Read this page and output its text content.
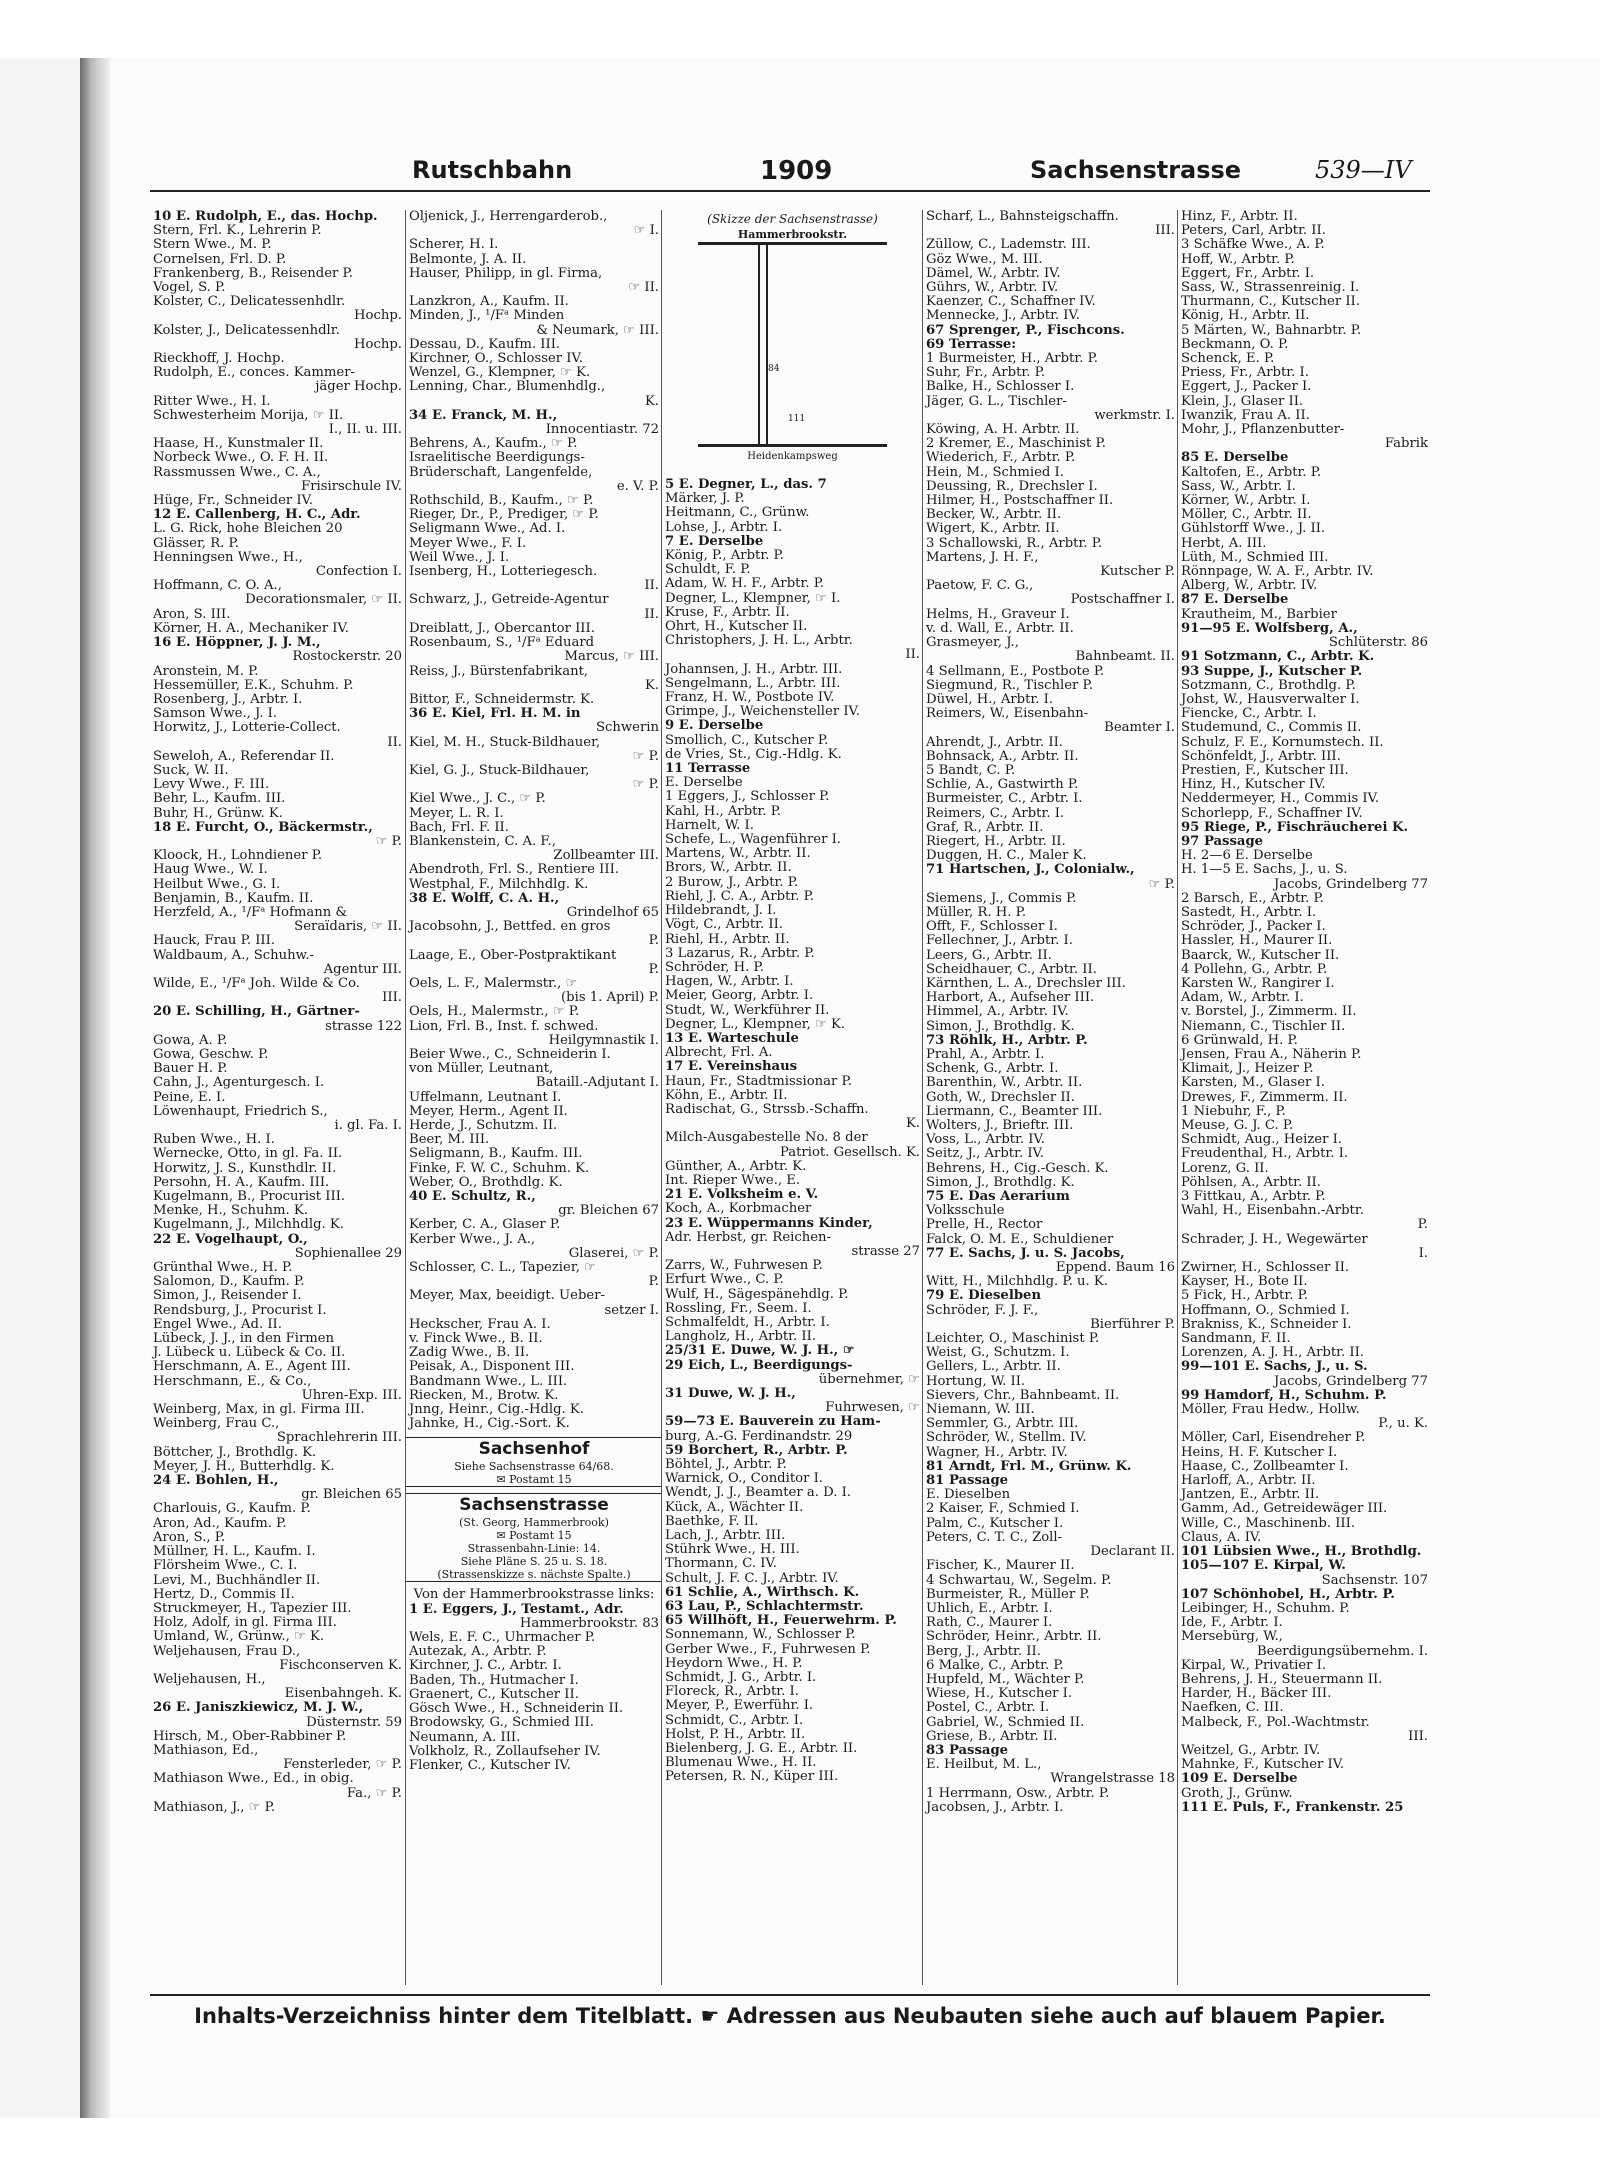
Rutschbahn	1909	Sachsenstrasse	539—IV
10 E. Rudolph, E., das. Hochp.
Stern, Frl. K., Lehrerin P.
Stern Wwe., M. P.
Cornelsen, Frl. D. P.
Frankenberg, B., Reisender P.
Vogel, S. P.
Kolster, C., Delicatessenhdlr.
Hochp.
Kolster, J., Delicatessenhdlr.
Hochp.
Rieckhoff, J. Hochp.
Rudolph, E., conces. Kammer-
jäger Hochp.
Ritter Wwe., H. I.
Schwesterheim Morija, ☞ II.
I., II. u. III.
Haase, H., Kunstmaler II.
Norbeck Wwe., O. F. H. II.
Rassmussen Wwe., C. A.,
Frisirschule IV.
Hüge, Fr., Schneider IV.
12 E. Callenberg, H. C., Adr.
L. G. Rick, hohe Bleichen 20
Glässer, R. P.
Henningsen Wwe., H.,
Confection I.
Hoffmann, C. O. A.,
Decorationsmaler, ☞ II.
Aron, S. III.
Körner, H. A., Mechaniker IV.
16 E. Höppner, J. J. M.,
Rostockerstr. 20
Aronstein, M. P.
Hessemüller, E.K., Schuhm. P.
Rosenberg, J., Arbtr. I.
Samson Wwe., J. I.
Horwitz, J., Lotterie-Collect.
II.
Seweloh, A., Referendar II.
Suck, W. II.
Levy Wwe., F. III.
Behr, L., Kaufm. III.
Buhr, H., Grünw. K.
18 E. Furcht, O., Bäckermstr.,
☞ P.
Kloock, H., Lohndiener P.
Haug Wwe., W. I.
Heilbut Wwe., G. I.
Benjamin, B., Kaufm. II.
Herzfeld, A., ¹/Fᵃ Hofmann &
Seraïdaris, ☞ II.
Hauck, Frau P. III.
Waldbaum, A., Schuhw.-
Agentur III.
Wilde, E., ¹/Fᵃ Joh. Wilde & Co.
III.
20 E. Schilling, H., Gärtner-
strasse 122
Gowa, A. P.
Gowa, Geschw. P.
Bauer H. P.
Cahn, J., Agenturgesch. I.
Peine, E. I.
Löwenhaupt, Friedrich S.,
i. gl. Fa. I.
Ruben Wwe., H. I.
Wernecke, Otto, in gl. Fa. II.
Horwitz, J. S., Kunsthdlr. II.
Persohn, H. A., Kaufm. III.
Kugelmann, B., Procurist III.
Menke, H., Schuhm. K.
Kugelmann, J., Milchhdlg. K.
22 E. Vogelhaupt, O.,
Sophienallee 29
Grünthal Wwe., H. P.
Salomon, D., Kaufm. P.
Simon, J., Reisender I.
Rendsburg, J., Procurist I.
Engel Wwe., Ad. II.
Lübeck, J. J., in den Firmen
J. Lübeck u. Lübeck & Co. II.
Herschmann, A. E., Agent III.
Herschmann, E., & Co.,
Uhren-Exp. III.
Weinberg, Max, in gl. Firma III.
Weinberg, Frau C.,
Sprachlehrerin III.
Böttcher, J., Brothdlg. K.
Meyer, J. H., Butterhdlg. K.
24 E. Bohlen, H.,
gr. Bleichen 65
Charlouis, G., Kaufm. P.
Aron, Ad., Kaufm. P.
Aron, S., P.
Müllner, H. L., Kaufm. I.
Flörsheim Wwe., C. I.
Levi, M., Buchhändler II.
Hertz, D., Commis II.
Struckmeyer, H., Tapezier III.
Holz, Adolf, in gl. Firma III.
Umland, W., Grünw., ☞ K.
Weljehausen, Frau D.,
Fischconserven K.
Weljehausen, H.,
Eisenbahngeh. K.
26 E. Janiszkiewicz, M. J. W.,
Düsternstr. 59
Hirsch, M., Ober-Rabbiner P.
Mathiason, Ed.,
Fensterleder, ☞ P.
Mathiason Wwe., Ed., in obig.
Fa., ☞ P.
Mathiason, J., ☞ P.
Oljenick, J., Herrengarderob.,
☞ I.
Scherer, H. I.
Belmonte, J. A. II.
Hauser, Philipp, in gl. Firma,
☞ II.
Lanzkron, A., Kaufm. II.
Minden, J., ¹/Fᵃ Minden
& Neumark, ☞ III.
Dessau, D., Kaufm. III.
Kirchner, O., Schlosser IV.
Wenzel, G., Klempner, ☞ K.
Lenning, Char., Blumenhdlg.,
K.
34 E. Franck, M. H.,
Innocentiastr. 72
Behrens, A., Kaufm., ☞ P.
Israelitische Beerdigungs-
Brüderschaft, Langenfelde,
e. V. P.
Rothschild, B., Kaufm., ☞ P.
Rieger, Dr., P., Prediger, ☞ P.
Seligmann Wwe., Ad. I.
Meyer Wwe., F. I.
Weil Wwe., J. I.
Isenberg, H., Lotteriegesch.
II.
Schwarz, J., Getreide-Agentur
II.
Dreiblatt, J., Obercantor III.
Rosenbaum, S., ¹/Fᵃ Eduard
Marcus, ☞ III.
Reiss, J., Bürstenfabrikant,
K.
Bittor, F., Schneidermstr. K.
36 E. Kiel, Frl. H. M. in
Schwerin
Kiel, M. H., Stuck-Bildhauer,
☞ P.
Kiel, G. J., Stuck-Bildhauer,
☞ P.
Kiel Wwe., J. C., ☞ P.
Meyer, L. R. I.
Bach, Frl. F. II.
Blankenstein, C. A. F.,
Zollbeamter III.
Abendroth, Frl. S., Rentiere III.
Westphal, F., Milchhdlg. K.
38 E. Wolff, C. A. H.,
Grindelhof 65
Jacobsohn, J., Bettfed. en gros
P.
Laage, E., Ober-Postpraktikant
P.
Oels, L. F., Malermstr., ☞
(bis 1. April) P.
Oels, H., Malermstr., ☞ P.
Lion, Frl. B., Inst. f. schwed.
Heilgymnastik I.
Beier Wwe., C., Schneiderin I.
von Müller, Leutnant,
Bataill.-Adjutant I.
Uffelmann, Leutnant I.
Meyer, Herm., Agent II.
Herde, J., Schutzm. II.
Beer, M. III.
Seligmann, B., Kaufm. III.
Finke, F. W. C., Schuhm. K.
Weber, O., Brothdlg. K.
40 E. Schultz, R.,
gr. Bleichen 67
Kerber, C. A., Glaser P.
Kerber Wwe., J. A.,
Glaserei, ☞ P.
Schlosser, C. L., Tapezier, ☞
P.
Meyer, Max, beeidigt. Ueber-
setzer I.
Heckscher, Frau A. I.
v. Finck Wwe., B. II.
Zadig Wwe., B. II.
Peisak, A., Disponent III.
Bandmann Wwe., L. III.
Riecken, M., Brotw. K.
Jnng, Heinr., Cig.-Hdlg. K.
Jahnke, H., Cig.-Sort. K.
Sachsenhof
Siehe Sachsenstrasse 64/68.
✉ Postamt 15
Sachsenstrasse
(St. Georg, Hammerbrook)
✉ Postamt 15
Strassenbahn-Linie: 14.
Siehe Pläne S. 25 u. S. 18.
(Strassenskizze s. nächste Spalte.)
Von der Hammerbrookstrasse links:
1 E. Eggers, J., Testamt., Adr.
Hammerbrookstr. 83
Wels, E. F. C., Uhrmacher P.
Autezak, A., Arbtr. P.
Kirchner, J. C., Arbtr. I.
Baden, Th., Hutmacher I.
Graenert, C., Kutscher II.
Gösch Wwe., H., Schneiderin II.
Brodowsky, G., Schmied III.
Neumann, A. III.
Volkholz, R., Zollaufseher IV.
Flenker, C., Kutscher IV.
(Skizze der Sachsenstrasse)
Hammerbrookstr.
84
111
Heidenkampsweg
5 E. Degner, L., das. 7
Märker, J. P.
Heitmann, C., Grünw.
Lohse, J., Arbtr. I.
7 E. Derselbe
König, P., Arbtr. P.
Schuldt, F. P.
Adam, W. H. F., Arbtr. P.
Degner, L., Klempner, ☞ I.
Kruse, F., Arbtr. II.
Ohrt, H., Kutscher II.
Christophers, J. H. L., Arbtr.
II.
Johannsen, J. H., Arbtr. III.
Sengelmann, L., Arbtr. III.
Franz, H. W., Postbote IV.
Grimpe, J., Weichensteller IV.
9 E. Derselbe
Smollich, C., Kutscher P.
de Vries, St., Cig.-Hdlg. K.
11 Terrasse
E. Derselbe
1 Eggers, J., Schlosser P.
Kahl, H., Arbtr. P.
Harnelt, W. I.
Schefe, L., Wagenführer I.
Martens, W., Arbtr. II.
Brors, W., Arbtr. II.
2 Burow, J., Arbtr. P.
Riehl, J. C. A., Arbtr. P.
Hildebrandt, J. I.
Vögt, C., Arbtr. II.
Riehl, H., Arbtr. II.
3 Lazarus, R., Arbtr. P.
Schröder, H. P.
Hagen, W., Arbtr. I.
Meier, Georg, Arbtr. I.
Studt, W., Werkführer II.
Degner, L., Klempner, ☞ K.
13 E. Warteschule
Albrecht, Frl. A.
17 E. Vereinshaus
Haun, Fr., Stadtmissionar P.
Köhn, E., Arbtr. II.
Radischat, G., Strssb.-Schaffn.
K.
Milch-Ausgabestelle No. 8 der
Patriot. Gesellsch. K.
Günther, A., Arbtr. K.
Int. Rieper Wwe., E.
21 E. Volksheim e. V.
Koch, A., Korbmacher
23 E. Wüppermanns Kinder,
Adr. Herbst, gr. Reichen-
strasse 27
Zarrs, W., Fuhrwesen P.
Erfurt Wwe., C. P.
Wulf, H., Sägespänehdlg. P.
Rossling, Fr., Seem. I.
Schmalfeldt, H., Arbtr. I.
Langholz, H., Arbtr. II.
25/31 E. Duwe, W. J. H., ☞
29 Eich, L., Beerdigungs-
übernehmer, ☞
31 Duwe, W. J. H.,
Fuhrwesen, ☞
59—73 E. Bauverein zu Ham-
burg, A.-G. Ferdinandstr. 29
59 Borchert, R., Arbtr. P.
Böhtel, J., Arbtr. P.
Warnick, O., Conditor I.
Wendt, J. J., Beamter a. D. I.
Kück, A., Wächter II.
Baethke, F. II.
Lach, J., Arbtr. III.
Stührk Wwe., H. III.
Thormann, C. IV.
Schult, J. F. C. J., Arbtr. IV.
61 Schlie, A., Wirthsch. K.
63 Lau, P., Schlachtermstr.
65 Willhöft, H., Feuerwehrm. P.
Sonnemann, W., Schlosser P.
Gerber Wwe., F., Fuhrwesen P.
Heydorn Wwe., H. P.
Schmidt, J. G., Arbtr. I.
Floreck, R., Arbtr. I.
Meyer, P., Ewerführ. I.
Schmidt, C., Arbtr. I.
Holst, P. H., Arbtr. II.
Bielenberg, J. G. E., Arbtr. II.
Blumenau Wwe., H. II.
Petersen, R. N., Küper III.
Scharf, L., Bahnsteigschaffn.
III.
Züllow, C., Lademstr. III.
Göz Wwe., M. III.
Dämel, W., Arbtr. IV.
Gührs, W., Arbtr. IV.
Kaenzer, C., Schaffner IV.
Mennecke, J., Arbtr. IV.
67 Sprenger, P., Fischcons.
69 Terrasse:
1 Burmeister, H., Arbtr. P.
Suhr, Fr., Arbtr. P.
Balke, H., Schlosser I.
Jäger, G. L., Tischler-
werkmstr. I.
Köwing, A. H. Arbtr. II.
2 Kremer, E., Maschinist P.
Wiederich, F., Arbtr. P.
Hein, M., Schmied I.
Deussing, R., Drechsler I.
Hilmer, H., Postschaffner II.
Becker, W., Arbtr. II.
Wigert, K., Arbtr. II.
3 Schallowski, R., Arbtr. P.
Martens, J. H. F.,
Kutscher P.
Paetow, F. C. G.,
Postschaffner I.
Helms, H., Graveur I.
v. d. Wall, E., Arbtr. II.
Grasmeyer, J.,
Bahnbeamt. II.
4 Sellmann, E., Postbote P.
Siegmund, R., Tischler P.
Düwel, H., Arbtr. I.
Reimers, W., Eisenbahn-
Beamter I.
Ahrendt, J., Arbtr. II.
Bohnsack, A., Arbtr. II.
5 Bandt, C. P.
Schlie, A., Gastwirth P.
Burmeister, C., Arbtr. I.
Reimers, C., Arbtr. I.
Graf, R., Arbtr. II.
Riegert, H., Arbtr. II.
Duggen, H. C., Maler K.
71 Hartschen, J., Colonialw.,
☞ P.
Siemens, J., Commis P.
Müller, R. H. P.
Offt, F., Schlosser I.
Fellechner, J., Arbtr. I.
Leers, G., Arbtr. II.
Scheidhauer, C., Arbtr. II.
Kärnthen, L. A., Drechsler III.
Harbort, A., Aufseher III.
Himmel, A., Arbtr. IV.
Simon, J., Brothdlg. K.
73 Röhlk, H., Arbtr. P.
Prahl, A., Arbtr. I.
Schenk, G., Arbtr. I.
Barenthin, W., Arbtr. II.
Goth, W., Drechsler II.
Liermann, C., Beamter III.
Wolters, J., Brieftr. III.
Voss, L., Arbtr. IV.
Seitz, J., Arbtr. IV.
Behrens, H., Cig.-Gesch. K.
Simon, J., Brothdlg. K.
75 E. Das Aerarium
Volksschule
Prelle, H., Rector
Falck, O. M. E., Schuldiener
77 E. Sachs, J. u. S. Jacobs,
Eppend. Baum 16
Witt, H., Milchhdlg. P. u. K.
79 E. Dieselben
Schröder, F. J. F.,
Bierführer P.
Leichter, O., Maschinist P.
Weist, G., Schutzm. I.
Gellers, L., Arbtr. II.
Hortung, W. II.
Sievers, Chr., Bahnbeamt. II.
Niemann, W. III.
Semmler, G., Arbtr. III.
Schröder, W., Stellm. IV.
Wagner, H., Arbtr. IV.
81 Arndt, Frl. M., Grünw. K.
81 Passage
E. Dieselben
2 Kaiser, F., Schmied I.
Palm, C., Kutscher I.
Peters, C. T. C., Zoll-
Declarant II.
Fischer, K., Maurer II.
4 Schwartau, W., Segelm. P.
Burmeister, R., Müller P.
Uhlich, E., Arbtr. I.
Rath, C., Maurer I.
Schröder, Heinr., Arbtr. II.
Berg, J., Arbtr. II.
6 Malke, C., Arbtr. P.
Hupfeld, M., Wächter P.
Wiese, H., Kutscher I.
Postel, C., Arbtr. I.
Gabriel, W., Schmied II.
Griese, B., Arbtr. II.
83 Passage
E. Heilbut, M. L.,
Wrangelstrasse 18
1 Herrmann, Osw., Arbtr. P.
Jacobsen, J., Arbtr. I.
Hinz, F., Arbtr. II.
Peters, Carl, Arbtr. II.
3 Schäfke Wwe., A. P.
Hoff, W., Arbtr. P.
Eggert, Fr., Arbtr. I.
Sass, W., Strassenreinig. I.
Thurmann, C., Kutscher II.
König, H., Arbtr. II.
5 Märten, W., Bahnarbtr. P.
Beckmann, O. P.
Schenck, E. P.
Priess, Fr., Arbtr. I.
Eggert, J., Packer I.
Klein, J., Glaser II.
Iwanzik, Frau A. II.
Mohr, J., Pflanzenbutter-
Fabrik
85 E. Derselbe
Kaltofen, E., Arbtr. P.
Sass, W., Arbtr. I.
Körner, W., Arbtr. I.
Möller, C., Arbtr. II.
Gühlstorff Wwe., J. II.
Herbt, A. III.
Lüth, M., Schmied III.
Rönnpage, W. A. F., Arbtr. IV.
Alberg, W., Arbtr. IV.
87 E. Derselbe
Krautheim, M., Barbier
91—95 E. Wolfsberg, A.,
Schlüterstr. 86
91 Sotzmann, C., Arbtr. K.
93 Suppe, J., Kutscher P.
Sotzmann, C., Brothdlg. P.
Johst, W., Hausverwalter I.
Fiencke, C., Arbtr. I.
Studemund, C., Commis II.
Schulz, F. E., Kornumstech. II.
Schönfeldt, J., Arbtr. III.
Prestien, F., Kutscher III.
Hinz, H., Kutscher IV.
Neddermeyer, H., Commis IV.
Schorlepp, F., Schaffner IV.
95 Riege, P., Fischräucherei K.
97 Passage
H. 2—6 E. Derselbe
H. 1—5 E. Sachs, J., u. S.
Jacobs, Grindelberg 77
2 Barsch, E., Arbtr. P.
Sastedt, H., Arbtr. I.
Schröder, J., Packer I.
Hassler, H., Maurer II.
Baarck, W., Kutscher II.
4 Pollehn, G., Arbtr. P.
Karsten W., Rangirer I.
Adam, W., Arbtr. I.
v. Borstel, J., Zimmerm. II.
Niemann, C., Tischler II.
6 Grünwald, H. P.
Jensen, Frau A., Näherin P.
Klimait, J., Heizer P.
Karsten, M., Glaser I.
Drewes, F., Zimmerm. II.
1 Niebuhr, F., P.
Meuse, G. J. C. P.
Schmidt, Aug., Heizer I.
Freudenthal, H., Arbtr. I.
Lorenz, G. II.
Pöhlsen, A., Arbtr. II.
3 Fittkau, A., Arbtr. P.
Wahl, H., Eisenbahn.-Arbtr.
P.
Schrader, J. H., Wegewärter
I.
Zwirner, H., Schlosser II.
Kayser, H., Bote II.
5 Fick, H., Arbtr. P.
Hoffmann, O., Schmied I.
Brakniss, K., Schneider I.
Sandmann, F. II.
Lorenzen, A. J. H., Arbtr. II.
99—101 E. Sachs, J., u. S.
Jacobs, Grindelberg 77
99 Hamdorf, H., Schuhm. P.
Möller, Frau Hedw., Hollw.
P., u. K.
Möller, Carl, Eisendreher P.
Heins, H. F. Kutscher I.
Haase, C., Zollbeamter I.
Harloff, A., Arbtr. II.
Jantzen, E., Arbtr. II.
Gamm, Ad., Getreidewäger III.
Wille, C., Maschinenb. III.
Claus, A. IV.
101 Lübsien Wwe., H., Brothdlg.
105—107 E. Kirpal, W.
Sachsenstr. 107
107 Schönhobel, H., Arbtr. P.
Leibinger, H., Schuhm. P.
Ide, F., Arbtr. I.
Mersebürg, W.,
Beerdigungsübernehm. I.
Kirpal, W., Privatier I.
Behrens, J. H., Steuermann II.
Harder, H., Bäcker III.
Naefken, C. III.
Malbeck, F., Pol.-Wachtmstr.
III.
Weitzel, G., Arbtr. IV.
Mahnke, F., Kutscher IV.
109 E. Derselbe
Groth, J., Grünw.
111 E. Puls, F., Frankenstr. 25
Inhalts-Verzeichniss hinter dem Titelblatt. ☛ Adressen aus Neubauten siehe auch auf blauem Papier.
